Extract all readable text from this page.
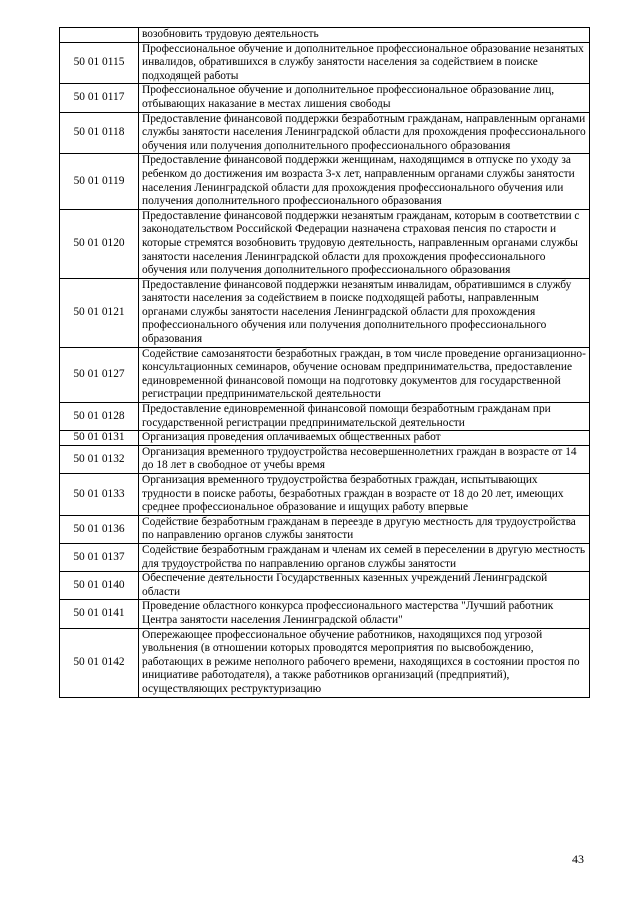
	возобновить трудовую деятельность
50 01 0115	Профессиональное обучение и дополнительное профессиональное образование незанятых инвалидов, обратившихся в службу занятости населения за содействием в поиске подходящей работы
50 01 0117	Профессиональное обучение и дополнительное профессиональное образование лиц, отбывающих наказание в местах лишения свободы
50 01 0118	Предоставление финансовой поддержки безработным гражданам, направленным органами службы занятости населения Ленинградской области для прохождения профессионального обучения или получения дополнительного профессионального образования
50 01 0119	Предоставление финансовой поддержки женщинам, находящимся в отпуске по уходу за ребенком до достижения им возраста 3-х лет, направленным органами службы занятости населения Ленинградской области для прохождения профессионального обучения или получения дополнительного профессионального образования
50 01 0120	Предоставление финансовой поддержки незанятым гражданам, которым в соответствии с законодательством Российской Федерации назначена страховая пенсия по старости и которые стремятся возобновить трудовую деятельность, направленным органами службы занятости населения Ленинградской области для прохождения профессионального обучения или получения дополнительного профессионального образования
50 01 0121	Предоставление финансовой поддержки незанятым инвалидам, обратившимся в службу занятости населения за содействием в поиске подходящей работы, направленным органами службы занятости населения Ленинградской области для прохождения профессионального обучения или получения дополнительного профессионального образования
50 01 0127	Содействие самозанятости безработных граждан, в том числе проведение организационно-консультационных семинаров, обучение основам предпринимательства, предоставление единовременной финансовой помощи на подготовку документов для государственной регистрации предпринимательской деятельности
50 01 0128	Предоставление единовременной финансовой помощи безработным гражданам при государственной регистрации предпринимательской деятельности
50 01 0131	Организация проведения оплачиваемых общественных работ
50 01 0132	Организация временного трудоустройства несовершеннолетних граждан в возрасте от 14 до 18 лет в свободное от учебы время
50 01 0133	Организация временного трудоустройства безработных граждан, испытывающих трудности в поиске работы, безработных граждан в возрасте от 18 до 20 лет, имеющих среднее профессиональное образование и ищущих работу впервые
50 01 0136	Содействие безработным гражданам в переезде в другую местность для трудоустройства по направлению органов службы занятости
50 01 0137	Содействие безработным гражданам и членам их семей в переселении в другую местность для трудоустройства по направлению органов службы занятости
50 01 0140	Обеспечение деятельности Государственных казенных учреждений Ленинградской области
50 01 0141	Проведение областного конкурса профессионального мастерства "Лучший работник Центра занятости населения Ленинградской области"
50 01 0142	Опережающее профессиональное обучение работников, находящихся под угрозой увольнения (в отношении которых проводятся мероприятия по высвобождению, работающих в режиме неполного рабочего времени, находящихся в состоянии простоя по инициативе работодателя), а также работников организаций (предприятий), осуществляющих реструктуризацию
43
